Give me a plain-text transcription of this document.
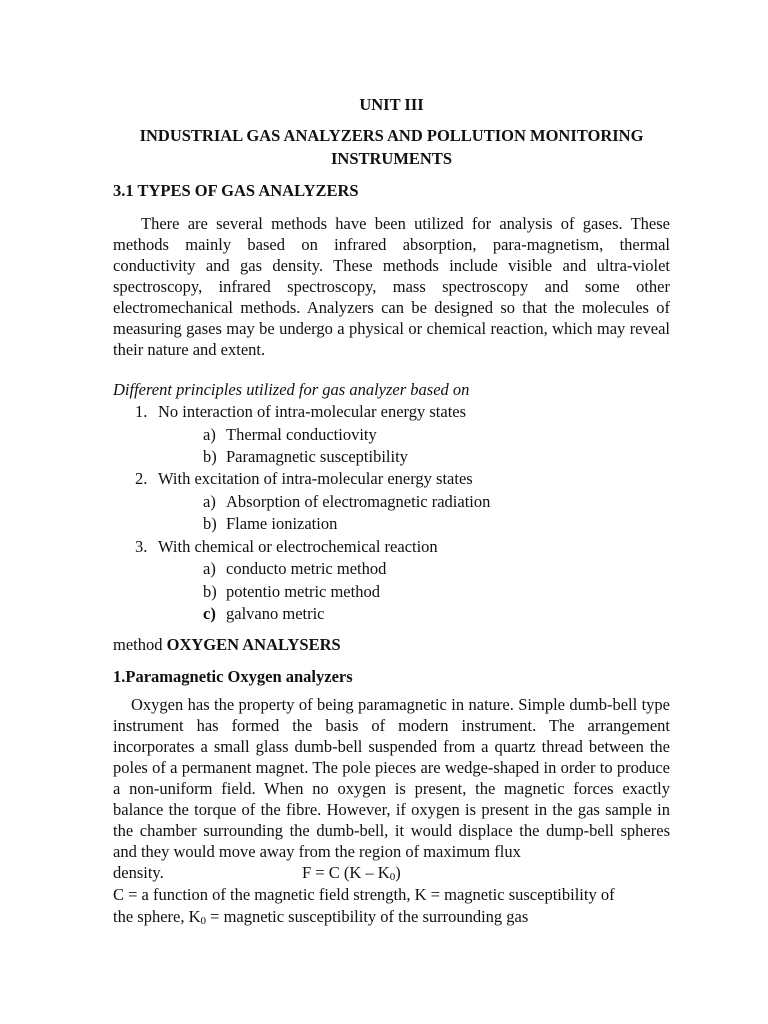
UNIT III
INDUSTRIAL GAS ANALYZERS AND POLLUTION MONITORING INSTRUMENTS
3.1 TYPES OF GAS ANALYZERS
There are several methods have been utilized for analysis of gases. These methods mainly based on infrared absorption, para-magnetism, thermal conductivity and gas density. These methods include visible and ultra-violet spectroscopy, infrared spectroscopy, mass spectroscopy and some other electromechanical methods. Analyzers can be designed so that the molecules of measuring gases may be undergo a physical or chemical reaction, which may reveal their nature and extent.
Different principles utilized for gas analyzer based on
1. No interaction of intra-molecular energy states
a) Thermal conductiovity
b) Paramagnetic susceptibility
2. With excitation of intra-molecular energy states
a) Absorption of electromagnetic radiation
b) Flame ionization
3. With chemical or electrochemical reaction
a) conducto metric method
b) potentio metric method
c) galvano metric
method OXYGEN ANALYSERS
1.Paramagnetic Oxygen analyzers
Oxygen has the property of being paramagnetic in nature. Simple dumb-bell type instrument has formed the basis of modern instrument. The arrangement incorporates a small glass dumb-bell suspended from a quartz thread between the poles of a permanent magnet. The pole pieces are wedge-shaped in order to produce a non-uniform field. When no oxygen is present, the magnetic forces exactly balance the torque of the fibre. However, if oxygen is present in the gas sample in the chamber surrounding the dumb-bell, it would displace the dump-bell spheres and they would move away from the region of maximum flux
density.	F = C $(K - K_0)$
C = a function of the magnetic field strength, K = magnetic susceptibility of
the sphere, $K_0$ = magnetic susceptibility of the surrounding gas
